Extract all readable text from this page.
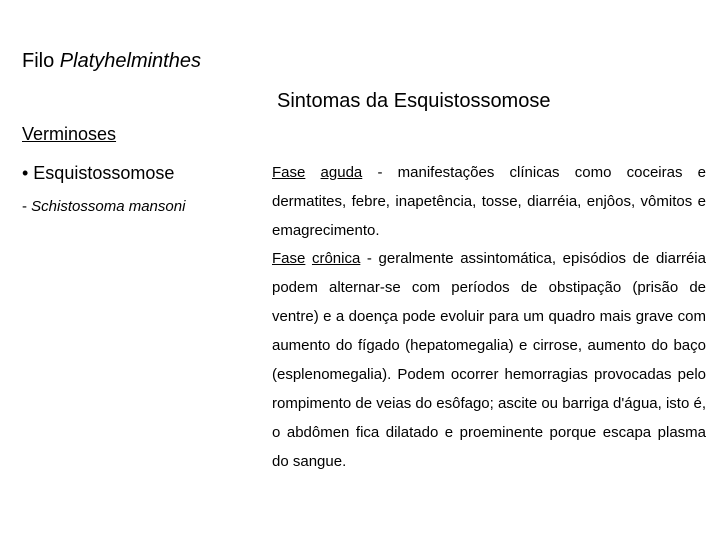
Filo Platyhelminthes
Sintomas da Esquistossomose
Verminoses
• Esquistossomose
- Schistossoma mansoni
Fase aguda - manifestações clínicas como coceiras e dermatites, febre, inapetência, tosse, diarréia, enjôos, vômitos e emagrecimento.
Fase crônica - geralmente assintomática, episódios de diarréia podem alternar-se com períodos de obstipação (prisão de ventre) e a doença pode evoluir para um quadro mais grave com aumento do fígado (hepatomegalia) e cirrose, aumento do baço (esplenomegalia). Podem ocorrer hemorragias provocadas pelo rompimento de veias do esôfago; ascite ou barriga d'água, isto é, o abdômen fica dilatado e proeminente porque escapa plasma do sangue.
